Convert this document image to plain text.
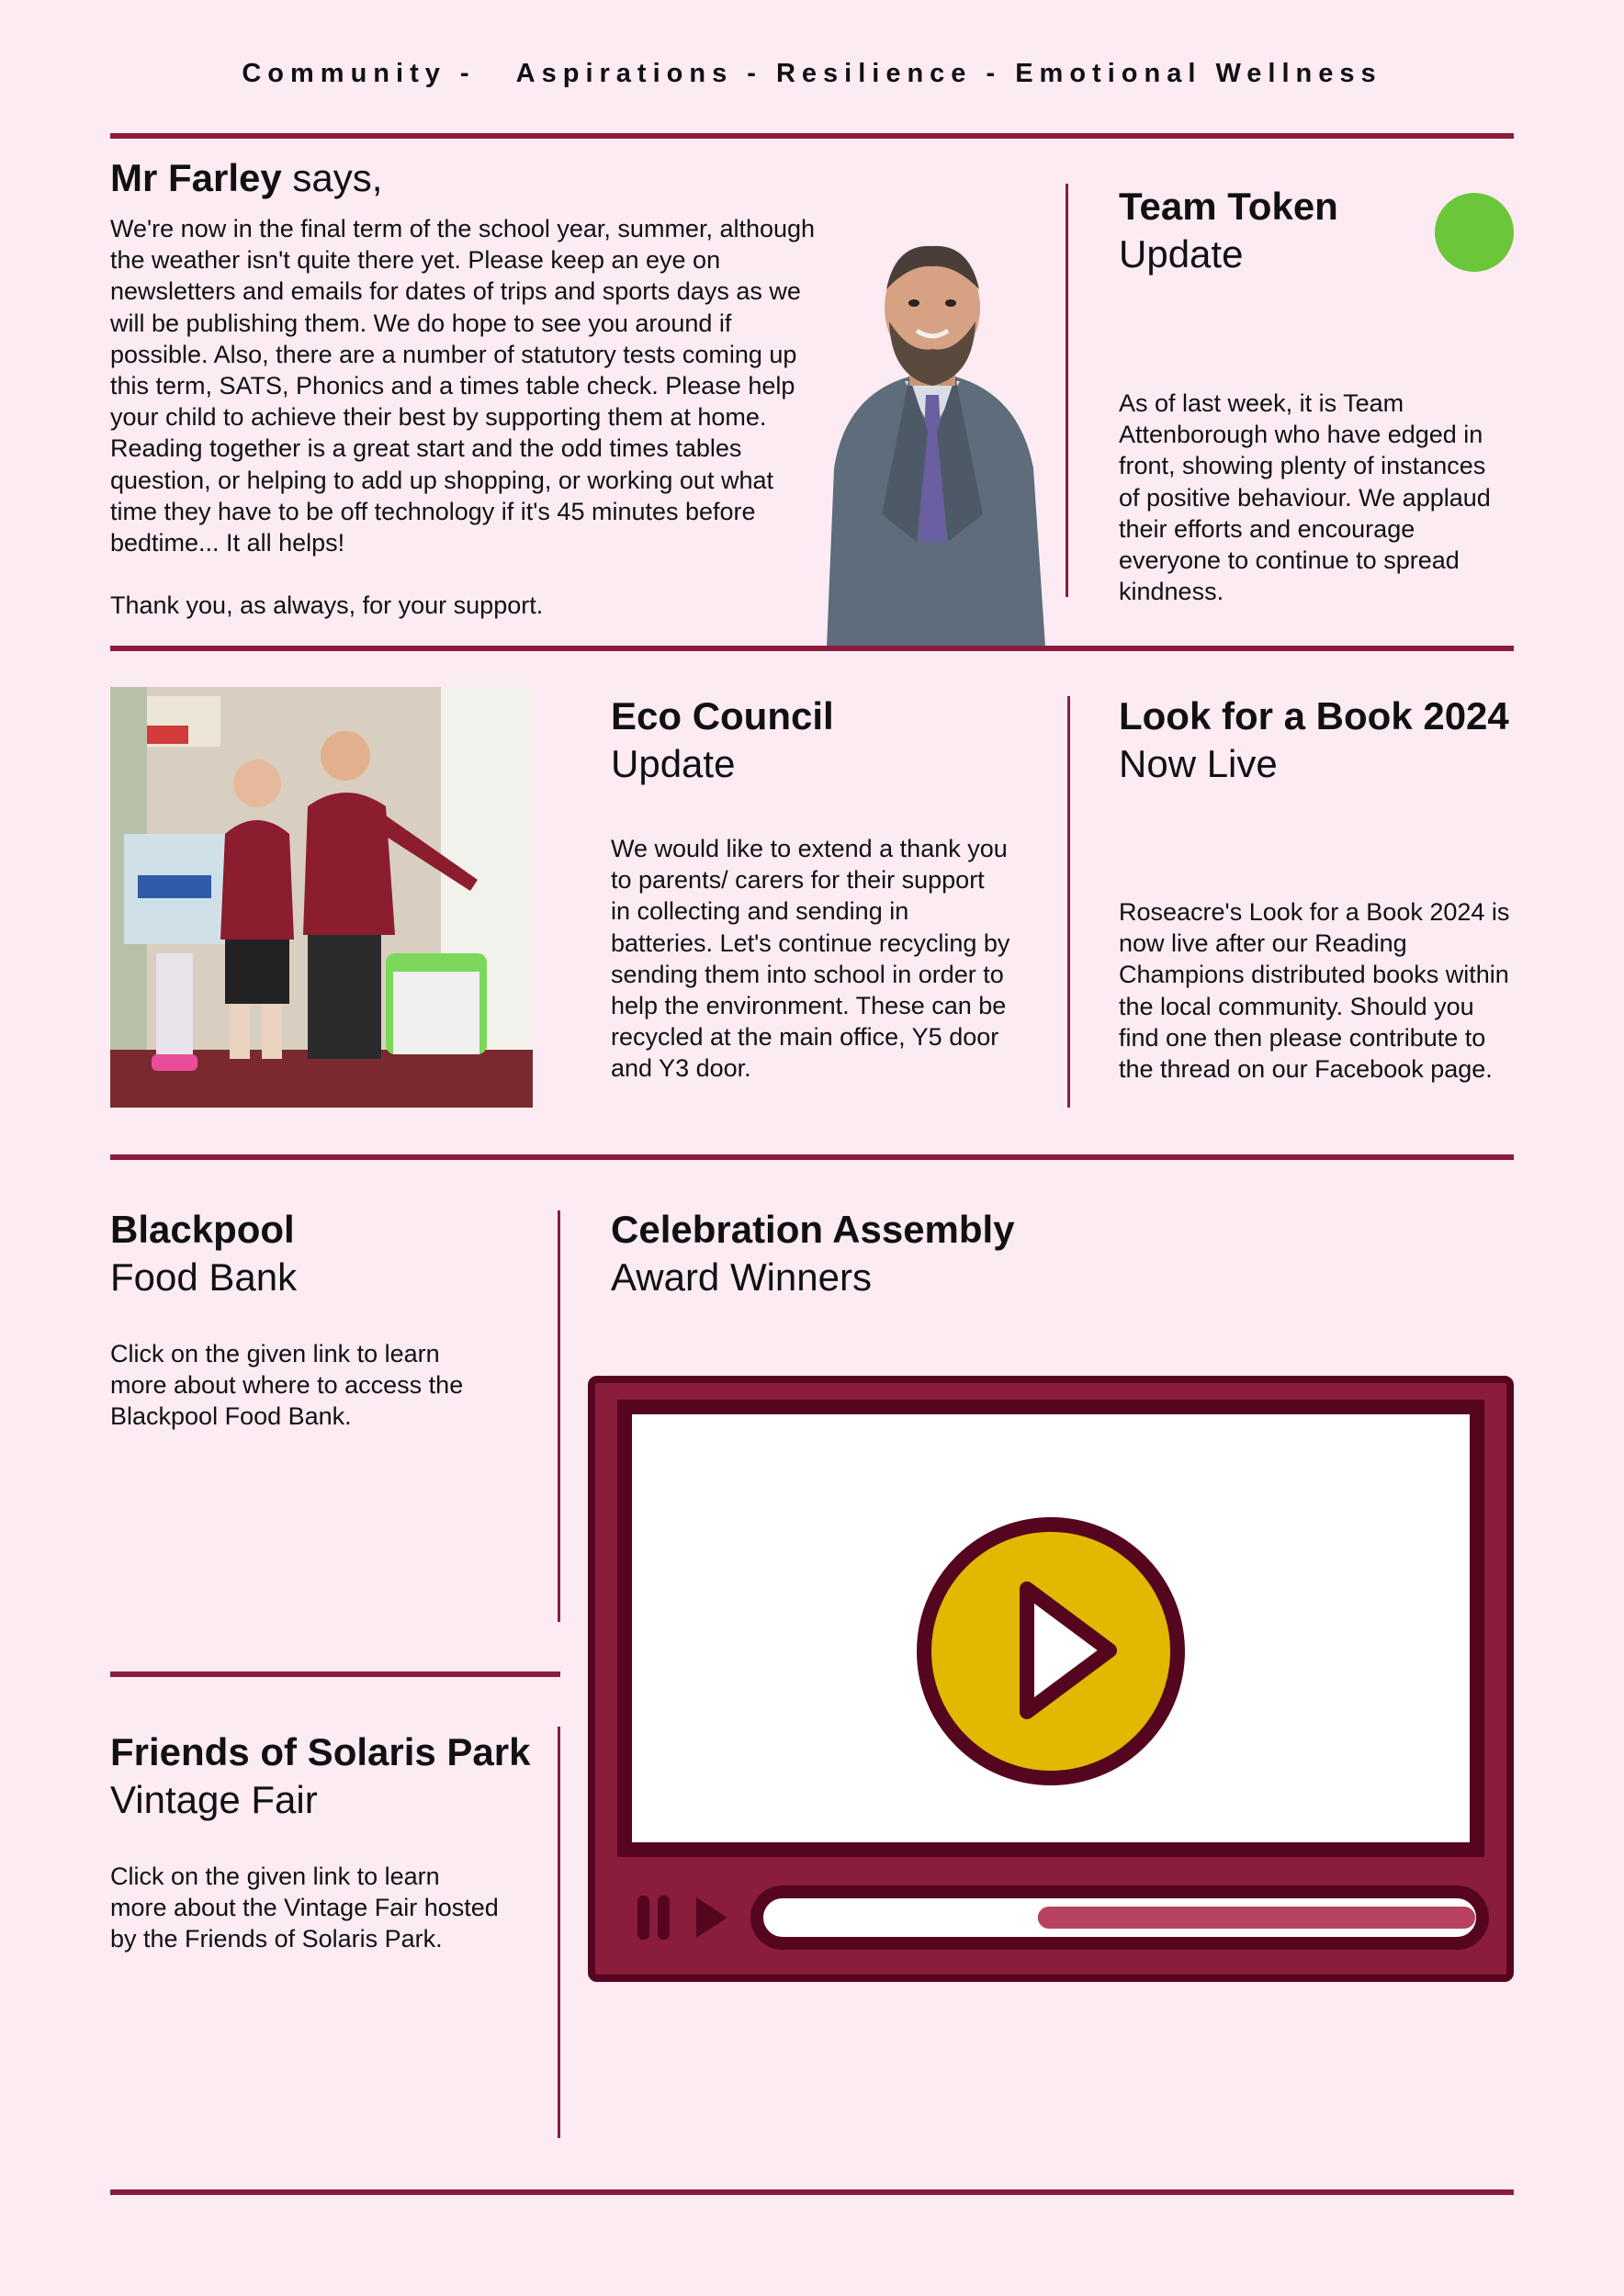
Community -   Aspirations - Resilience - Emotional Wellness
Mr Farley says,
We're now in the final term of the school year, summer, although
the weather isn't quite there yet. Please keep an eye on
newsletters and emails for dates of trips and sports days as we
will be publishing them. We do hope to see you around if
possible. Also, there are a number of statutory tests coming up
this term, SATS, Phonics and a times table check. Please help
your child to achieve their best by supporting them at home.
Reading together is a great start and the odd times tables
question, or helping to add up shopping, or working out what
time they have to be off technology if it's 45 minutes before
bedtime... It all helps!

Thank you, as always, for your support.
Team Token
Update
As of last week, it is Team
Attenborough who have edged in
front, showing plenty of instances
of positive behaviour. We applaud
their efforts and encourage
everyone to continue to spread
kindness.
Eco Council
Update
We would like to extend a thank you
to parents/ carers for their support
in collecting and sending in
batteries. Let's continue recycling by
sending them into school in order to
help the environment. These can be
recycled at the main office, Y5 door
and Y3 door.
Look for a Book 2024
Now Live
Roseacre's Look for a Book 2024 is
now live after our Reading
Champions distributed books within
the local community. Should you
find one then please contribute to
the thread on our Facebook page.
Blackpool
Food Bank
Click on the given link to learn
more about where to access the
Blackpool Food Bank.
Friends of Solaris Park
Vintage Fair
Click on the given link to learn
more about the Vintage Fair hosted
by the Friends of Solaris Park.
Celebration Assembly
Award Winners
